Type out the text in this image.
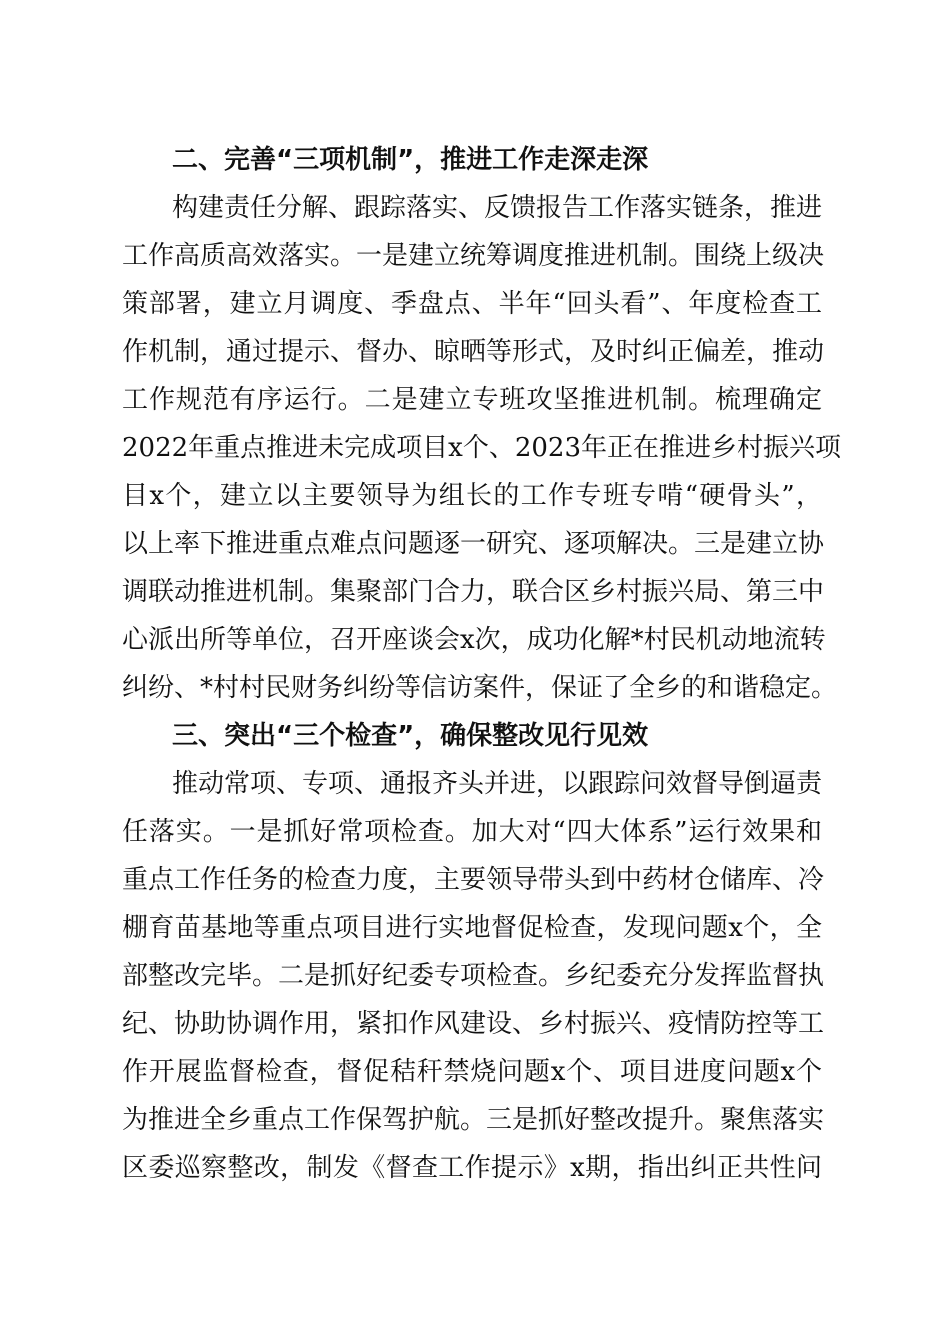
二、完善“三项机制”，推进工作走深走深
构建责任分解、跟踪落实、反馈报告工作落实链条，推进
工作高质高效落实。一是建立统筹调度推进机制。围绕上级决
策部署，建立月调度、季盘点、半年“回头看”、年度检查工
作机制，通过提示、督办、晾晒等形式，及时纠正偏差，推动
工作规范有序运行。二是建立专班攻坚推进机制。梳理确定
2022年重点推进未完成项目x个、2023年正在推进乡村振兴项
目x个，建立以主要领导为组长的工作专班专啃“硬骨头”，
以上率下推进重点难点问题逐一研究、逐项解决。三是建立协
调联动推进机制。集聚部门合力，联合区乡村振兴局、第三中
心派出所等单位，召开座谈会x次，成功化解*村民机动地流转
纠纷、*村村民财务纠纷等信访案件，保证了全乡的和谐稳定。
三、突出“三个检查”，确保整改见行见效
推动常项、专项、通报齐头并进，以跟踪问效督导倒逼责
任落实。一是抓好常项检查。加大对“四大体系”运行效果和
重点工作任务的检查力度，主要领导带头到中药材仓储库、冷
棚育苗基地等重点项目进行实地督促检查，发现问题x个，全
部整改完毕。二是抓好纪委专项检查。乡纪委充分发挥监督执
纪、协助协调作用，紧扣作风建设、乡村振兴、疫情防控等工
作开展监督检查，督促秸秆禁烧问题x个、项目进度问题x个
为推进全乡重点工作保驾护航。三是抓好整改提升。聚焦落实
区委巡察整改，制发《督查工作提示》x期，指出纠正共性问
